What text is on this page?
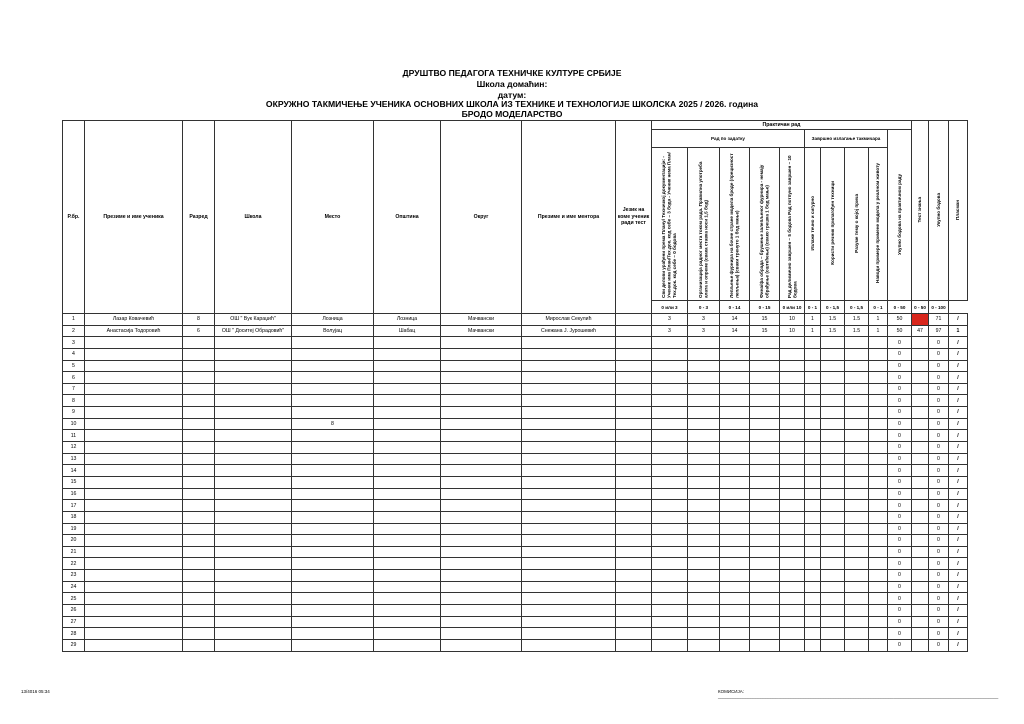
ДРУШТВО ПЕДАГОГА ТЕХНИЧКЕ КУЛТУРЕ СРБИЈЕ
Школа домаћин:
датум:
ОКРУЖНО ТАКМИЧЕЊЕ УЧЕНИКА ОСНОВНИХ ШКОЛА ИЗ ТЕХНИКЕ И ТЕХНОЛОГИЈЕ ШКОЛСКА 2025 / 2026. година
БРОДО МОДЕЛАРСТВО
Р.бр.	Презиме и име ученика	Разред	Школа	Место	Општина	Округ	Презиме и име ментора	Језик на коме ученик ради тест	Практичан рад										Тест знања	Укупно бодова	Пласман
									Рад по задатку					Завршно излагање такмичара				Укупно бодова на практичном раду			
									Сви делови урађени према Плану/ Техничкој документацији: - Ученик има План/Тех.док. код себе – 3 бода - Ученик нема План/Тех.док. код себе – 0 бодова	Организација радног места током рада. Правилна употреба алата и опреме (свака ставка носи 1,5 бод)	Лепљење фурнира на бочне стране модела броде (прецизност лепљења) (сваки тренуто 1 бод мање)	Фина/фа обрада – брушење залепљеног фурнира - немају обрађење (оштећење) (свако грешка 1 бод мање)	Рад делимично завршен – 5 бодова Рад потпуно завршен – 10 бодова	Излаже течно и сигурно	Користи речник прилагођен техници	Разуме тему о којој прича	Наводи примере примене модела у реалном животу				
									0 или 3	0 - 3	0 - 14	0 - 15	0 или 10	0 - 1	0 - 1,5	0 - 1,5	0 - 1	0 - 50	0 - 50	0 - 100	
1	Лазар Ковачевић	8	ОШ " Вук Караџић"	Лозница	Лозница	Мачвански	Мирослав Секулић		3	3	14	15	10	1	1.5	1.5	1	50		71	/
2	Анастасија Тодоровић	6	ОШ " Доситеј Обрадовић"	Волујац	Шабац	Мачвански	Снежана Ј. Јурошевић		3	3	14	15	10	1	1.5	1.5	1	50	47	97	1
3																		0		0	/
4																		0		0	/
5																		0		0	/
6																		0		0	/
7																		0		0	/
8																		0		0	/
9																		0		0	/
10				8														0		0	/
11																		0		0	/
12																		0		0	/
13																		0		0	/
14																		0		0	/
15																		0		0	/
16																		0		0	/
17																		0		0	/
18																		0		0	/
19																		0		0	/
20																		0		0	/
21																		0		0	/
22																		0		0	/
23																		0		0	/
24																		0		0	/
25																		0		0	/
26																		0		0	/
27																		0		0	/
28																		0		0	/
29																		0		0	/
13/4016 05:34	КОМИСИЈА: ________________________________________________________________________________________________________________
